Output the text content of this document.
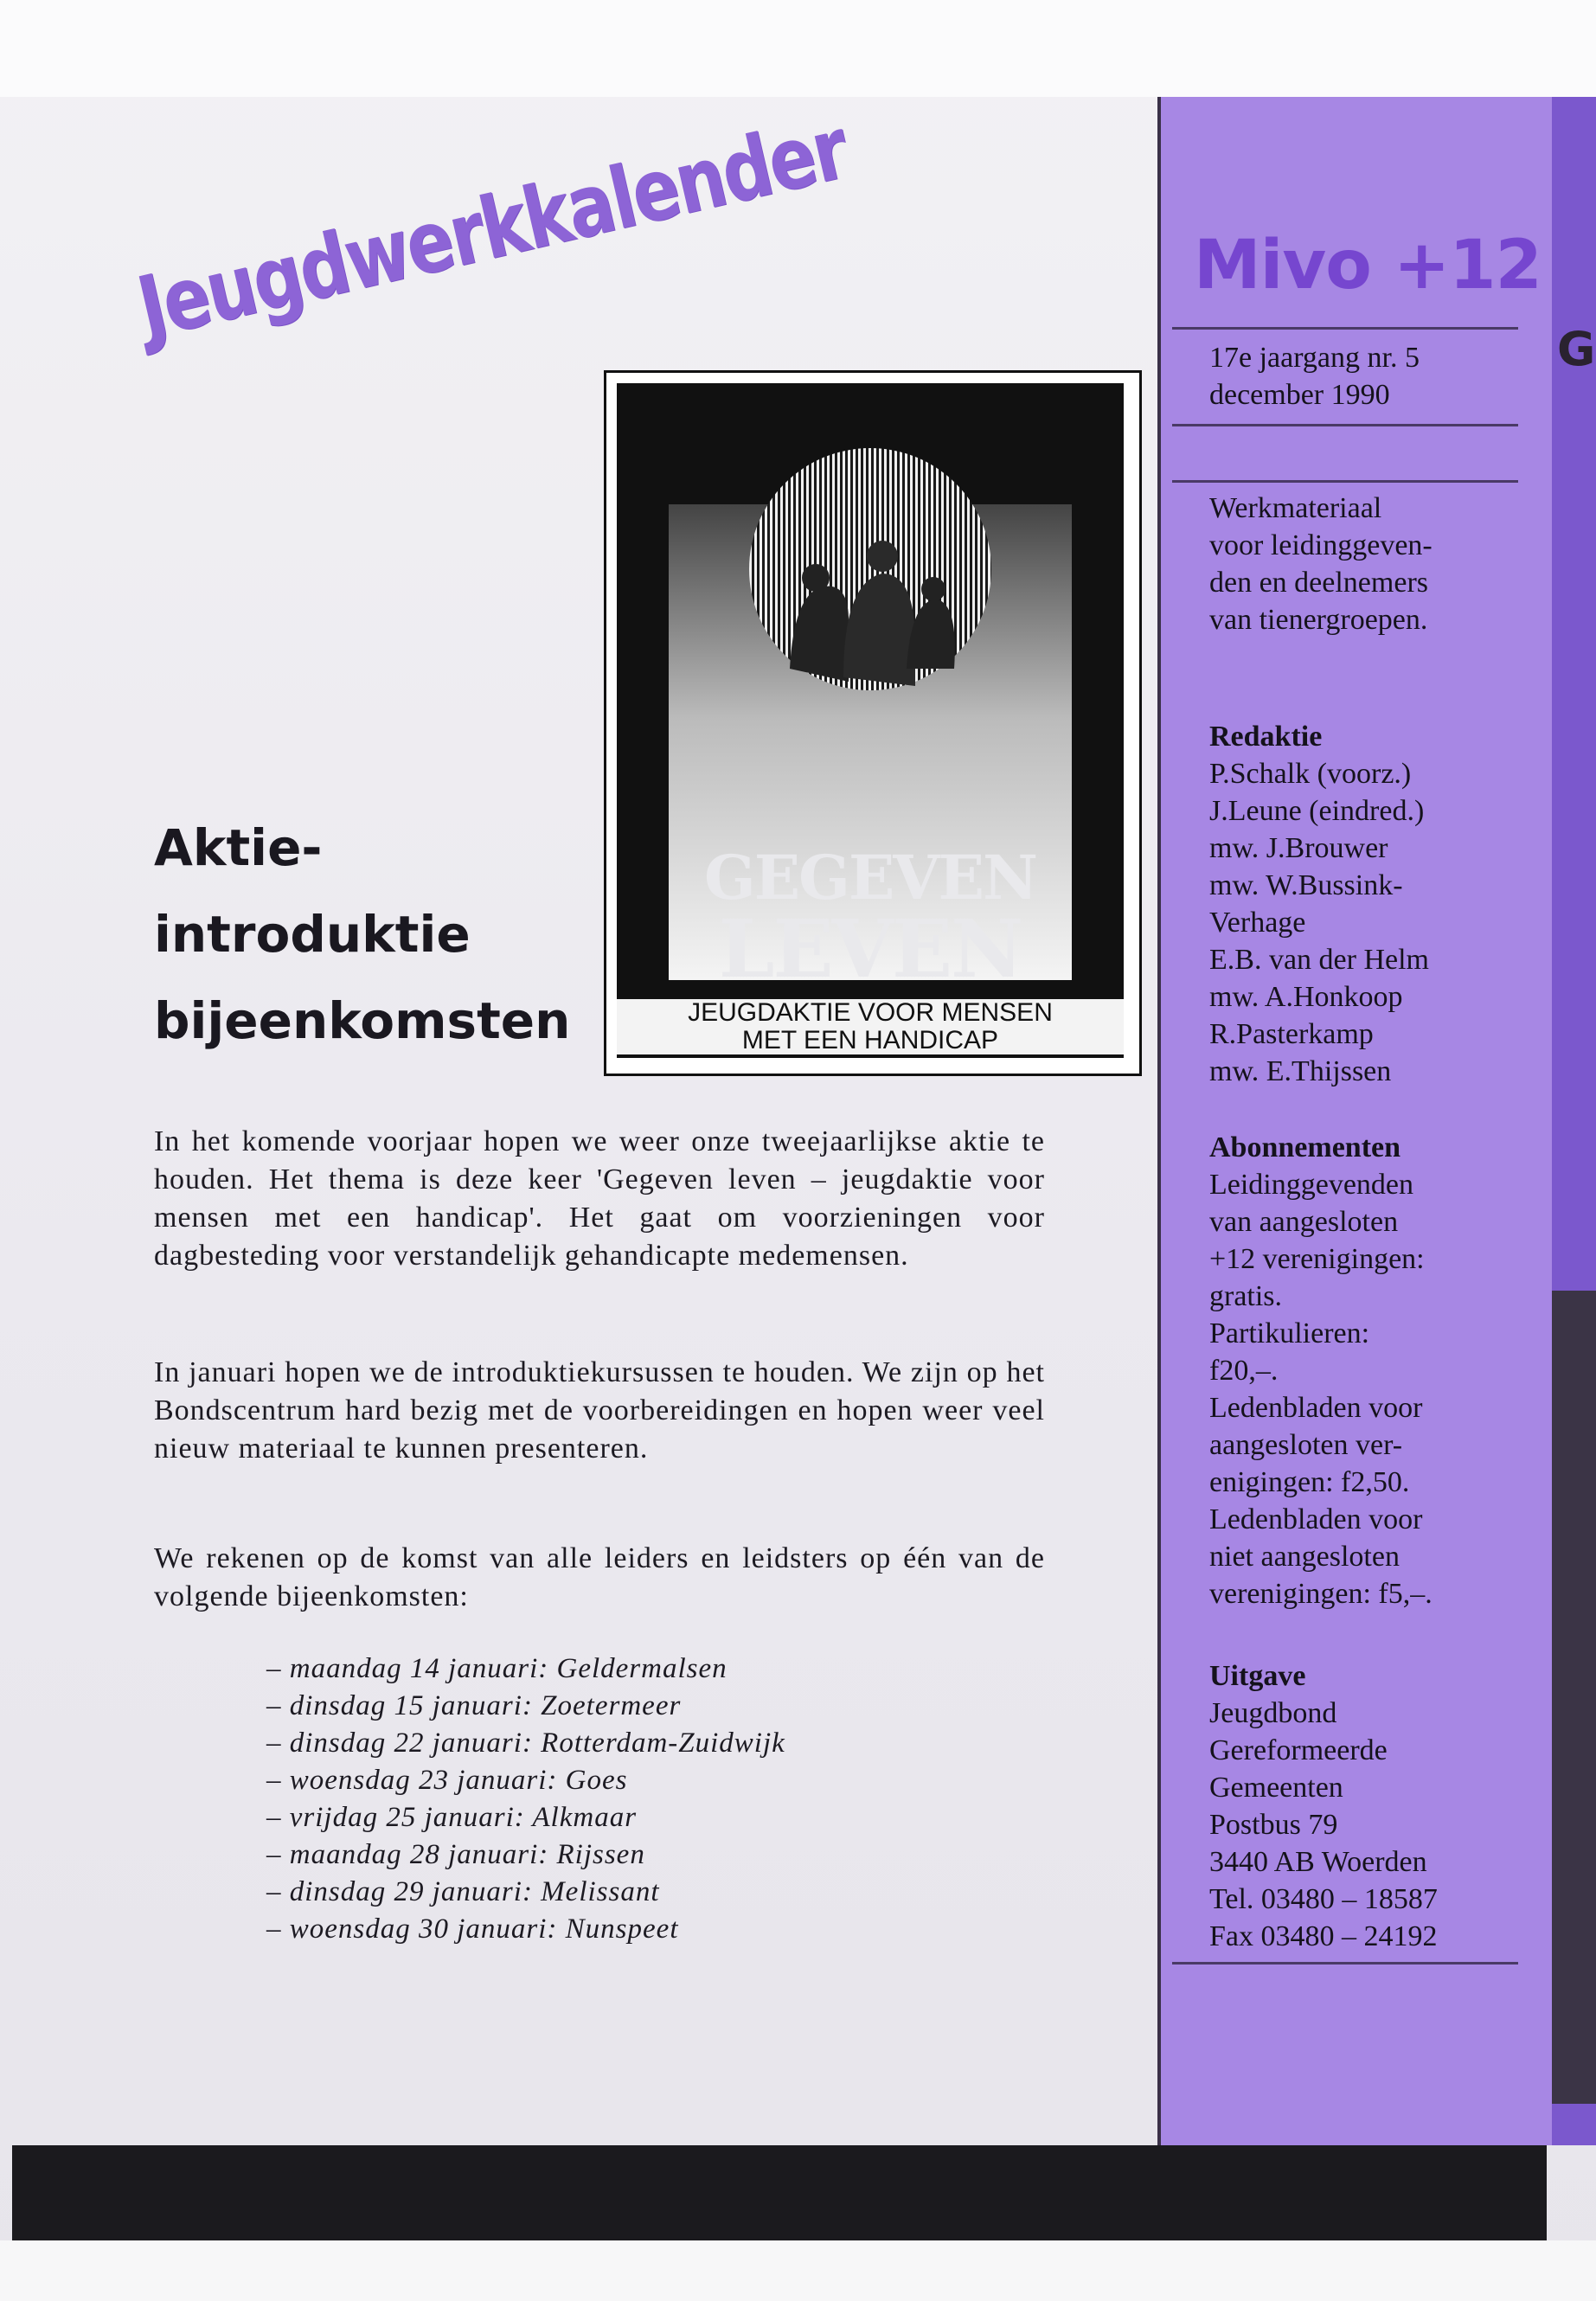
G
Mivo +12
17e jaargang nr. 5
december 1990
Werkmateriaal
voor leidinggeven-
den en deelnemers
van tienergroepen.
Redaktie
P.Schalk (voorz.)
J.Leune (eindred.)
mw. J.Brouwer
mw. W.Bussink-
Verhage
E.B. van der Helm
mw. A.Honkoop
R.Pasterkamp
mw. E.Thijssen
Abonnementen
Leidinggevenden
van aangesloten
+12 verenigingen:
gratis.
Partikulieren:
f20,–.
Ledenbladen voor
aangesloten ver-
enigingen: f2,50.
Ledenbladen voor
niet aangesloten
verenigingen: f5,–.
Uitgave
Jeugdbond
Gereformeerde
Gemeenten
Postbus 79
3440 AB Woerden
Tel. 03480 – 18587
Fax 03480 – 24192
Jeugdwerkkalender
Aktie-
introduktie
bijeenkomsten
GEGEVEN
LEVEN
JEUGDAKTIE VOOR MENSEN
MET EEN HANDICAP
In het komende voorjaar hopen we weer onze tweejaarlijkse aktie te houden. Het thema is deze keer 'Gegeven leven – jeugdaktie voor mensen met een handicap'. Het gaat om voorzieningen voor dagbesteding voor verstandelijk gehandicapte medemensen.
In januari hopen we de introduktiekursussen te houden. We zijn op het Bondscentrum hard bezig met de voorbereidingen en hopen weer veel nieuw materiaal te kunnen presenteren.
We rekenen op de komst van alle leiders en leidsters op één van de volgende bijeenkomsten:
– maandag 14 januari: Geldermalsen
– dinsdag 15 januari: Zoetermeer
– dinsdag 22 januari: Rotterdam-Zuidwijk
– woensdag 23 januari: Goes
– vrijdag 25 januari: Alkmaar
– maandag 28 januari: Rijssen
– dinsdag 29 januari: Melissant
– woensdag 30 januari: Nunspeet
